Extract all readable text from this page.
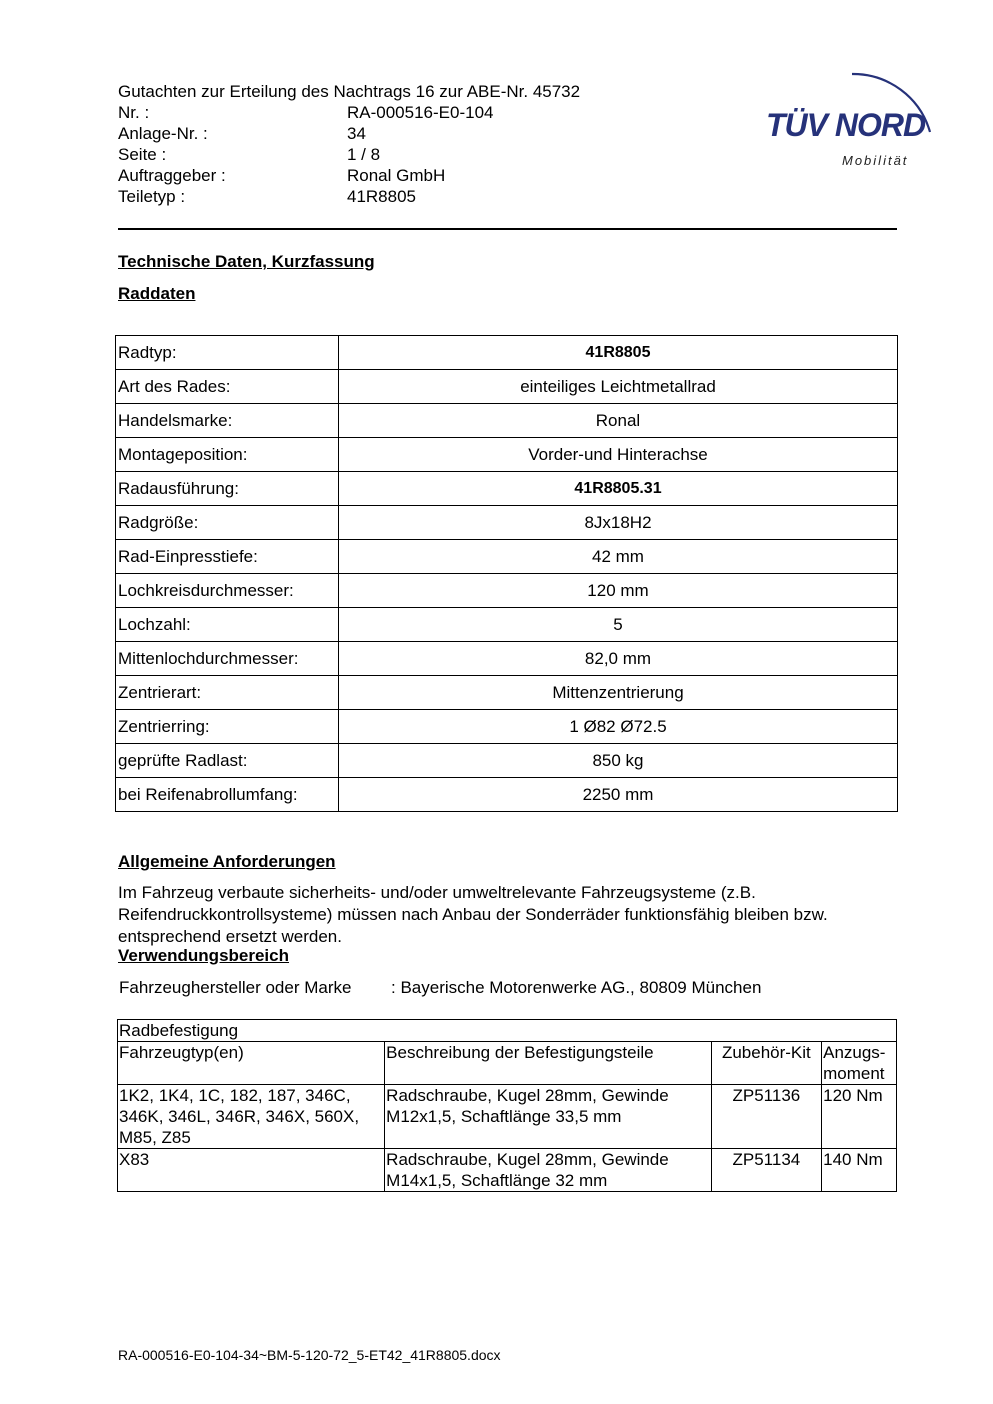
Gutachten zur Erteilung des Nachtrags 16 zur ABE-Nr. 45732
Nr. :	RA-000516-E0-104
Anlage-Nr. :	34
Seite :	1 / 8
Auftraggeber :	Ronal GmbH
Teiletyp :	41R8805
TÜV NORD
Mobilität
Technische Daten, Kurzfassung
Raddaten
Radtyp:	41R8805
Art des Rades:	einteiliges Leichtmetallrad
Handelsmarke:	Ronal
Montageposition:	Vorder-und Hinterachse
Radausführung:	41R8805.31
Radgröße:	8Jx18H2
Rad-Einpresstiefe:	42 mm
Lochkreisdurchmesser:	120 mm
Lochzahl:	5
Mittenlochdurchmesser:	82,0 mm
Zentrierart:	Mittenzentrierung
Zentrierring:	1 Ø82 Ø72.5
geprüfte Radlast:	850 kg
bei Reifenabrollumfang:	2250 mm
Allgemeine Anforderungen
Im Fahrzeug verbaute sicherheits- und/oder umweltrelevante Fahrzeugsysteme (z.B. Reifendruckkontrollsysteme) müssen nach Anbau der Sonderräder funktionsfähig bleiben bzw. entsprechend ersetzt werden.
Verwendungsbereich
Fahrzeughersteller oder Marke : Bayerische Motorenwerke AG., 80809 München
Radbefestigung			
Fahrzeugtyp(en)	Beschreibung der Befestigungsteile	Zubehör-Kit	Anzugs-
moment
1K2, 1K4, 1C, 182, 187, 346C, 346K, 346L, 346R, 346X, 560X, M85, Z85	Radschraube, Kugel 28mm, Gewinde M12x1,5, Schaftlänge 33,5 mm	ZP51136	120 Nm
X83	Radschraube, Kugel 28mm, Gewinde M14x1,5, Schaftlänge 32 mm	ZP51134	140 Nm
RA-000516-E0-104-34~BM-5-120-72_5-ET42_41R8805.docx
